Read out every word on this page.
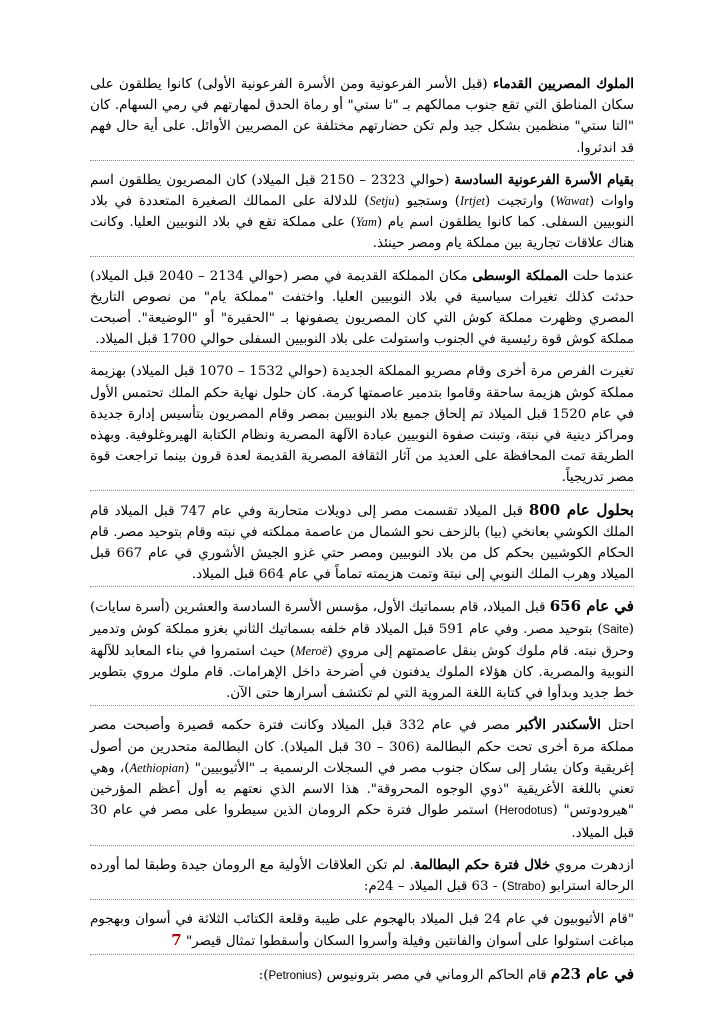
الملوك المصريين القدماء (قبل الأسر الفرعونية ومن الأسرة الفرعونية الأولى) كانوا يطلقون على سكان المناطق التي تقع جنوب ممالكهم بـ "تا ستي" أو رماة الحدق لمهارتهم في رمي السهام. كان "التا ستي" منظمين بشكل جيد ولم تكن حضارتهم مختلفة عن المصريين الأوائل. على أية حال فهم قد اندثروا.

بقيام الأسرة الفرعونية السادسة (حوالي 2323 – 2150 قبل الميلاد) كان المصريون يطلقون اسم واوات (Wawat) وارتجيت (Irtjet) وستجيو (Setju) للدلالة على الممالك الصغيرة المتعددة في بلاد النوبيين السفلى. كما كانوا يطلقون اسم يام (Yam) على مملكة تقع في بلاد النوبيين العليا. وكانت هناك علاقات تجارية بين مملكة يام ومصر حينئذ.

عندما حلت المملكة الوسطى مكان المملكة القديمة في مصر (حوالي 2134 – 2040 قبل الميلاد) حدثت كذلك تغيرات سياسية في بلاد النوبيين العليا. واختفت "مملكة يام" من نصوص التاريخ المصري وظهرت مملكة كوش التي كان المصريون يصفونها بـ "الحقيرة" أو "الوضيعة". أصبحت مملكة كوش قوة رئيسية في الجنوب واستولت على بلاد النوبيين السفلى حوالي 1700 قبل الميلاد.

تغيرت الفرص مرة أخرى وقام مصريو المملكة الجديدة (حوالي 1532 – 1070 قبل الميلاد) بهزيمة مملكة كوش هزيمة ساحقة وقاموا بتدمير عاصمتها كرمة. كان حلول نهاية حكم الملك تحتمس الأول في عام 1520 قبل الميلاد تم إلحاق جميع بلاد النوبيين بمصر وقام المصريون بتأسيس إدارة جديدة ومراكز دينية في نبتة، وتبنت صفوة النوبيين عبادة الآلهة المصرية ونظام الكتابة الهيروغلوفية. وبهذه الطريقة تمت المحافظة على العديد من آثار الثقافة المصرية القديمة لعدة قرون بينما تراجعت قوة مصر تدريجياً.

بحلول عام 800 قبل الميلاد تقسمت مصر إلى دويلات متحاربة وفي عام 747 قبل الميلاد قام الملك الكوشي بعانخي (بيا) بالزحف نحو الشمال من عاصمة مملكته في نبته وقام بتوحيد مصر. قام الحكام الكوشيين بحكم كل من بلاد النوبيين ومصر حتي غزو الجيش الأشوري في عام 667 قبل الميلاد وهرب الملك النوبي إلى نبتة وتمت هزيمته تماماً في عام 664 قبل الميلاد.

في عام 656 قبل الميلاد، قام بسماتيك الأول، مؤسس الأسرة السادسة والعشرين (أسرة سايات) (Saite) بتوحيد مصر. وفي عام 591 قبل الميلاد قام خلفه بسماتيك الثاني بغزو مملكة كوش وتدمير وحرق نبته. قام ملوك كوش بنقل عاصمتهم إلى مروي (Meroë) حيث استمروا في بناء المعابد للآلهة النوبية والمصرية. كان هؤلاء الملوك يدفنون في أضرحة داخل الإهرامات. قام ملوك مروي بتطوير خط جديد وبدأوا في كتابة اللغة المروية التي لم تكتشف أسرارها حتى الآن.

احتل الأسكندر الأكبر مصر في عام 332 قبل الميلاد وكانت فترة حكمه قصيرة وأصبحت مصر مملكة مرة أخرى تحت حكم البطالمة (306 – 30 قبل الميلاد). كان البطالمة متحدرين من أصول إغريقية وكان يشار إلى سكان جنوب مصر في السجلات الرسمية بـ "الأثيوبيين" (Aethiopian)، وهي تعني باللغة الأغريقية "ذوي الوجوه المحروقة". هذا الاسم الذي نعتهم به أول أعظم المؤرخين "هيرودوتس" (Herodotus) استمر طوال فترة حكم الرومان الذين سيطروا على مصر في عام 30 قبل الميلاد.

ازدهرت مروي خلال فترة حكم البطالمة. لم تكن العلاقات الأولية مع الرومان جيدة وطبقا لما أورده الرحالة استرابو (Strabo) - 63 قبل الميلاد – 24م:

"قام الأثيوبيون في عام 24 قبل الميلاد بالهجوم على طيبة وقلعة الكتائب الثلاثة في أسوان وبهجوم مباغت استولوا على أسوان والفانتين وفيلة وأسروا السكان وأسقطوا تمثال قيصر" 7

في عام 23م قام الحاكم الروماني في مصر بترونيوس (Petronius):
